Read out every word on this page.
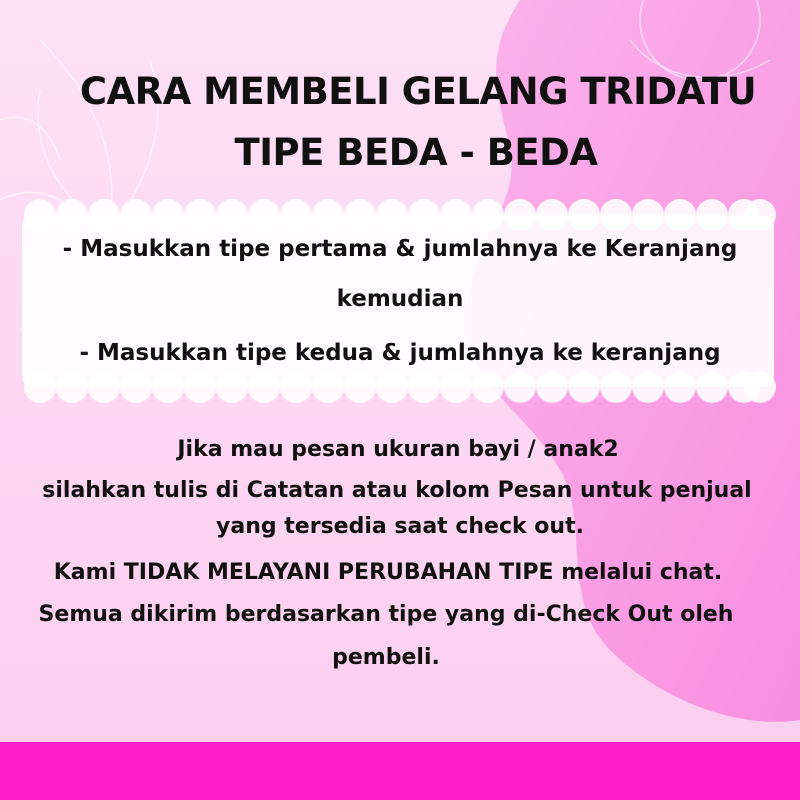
CARA MEMBELI GELANG TRIDATU
TIPE BEDA - BEDA
- Masukkan tipe pertama & jumlahnya ke Keranjang
kemudian
- Masukkan tipe kedua & jumlahnya ke keranjang
Jika mau pesan ukuran bayi / anak2
silahkan tulis di Catatan atau kolom Pesan untuk penjual
yang tersedia saat check out.
Kami TIDAK MELAYANI PERUBAHAN TIPE melalui chat.
Semua dikirim berdasarkan tipe yang di-Check Out oleh
pembeli.
